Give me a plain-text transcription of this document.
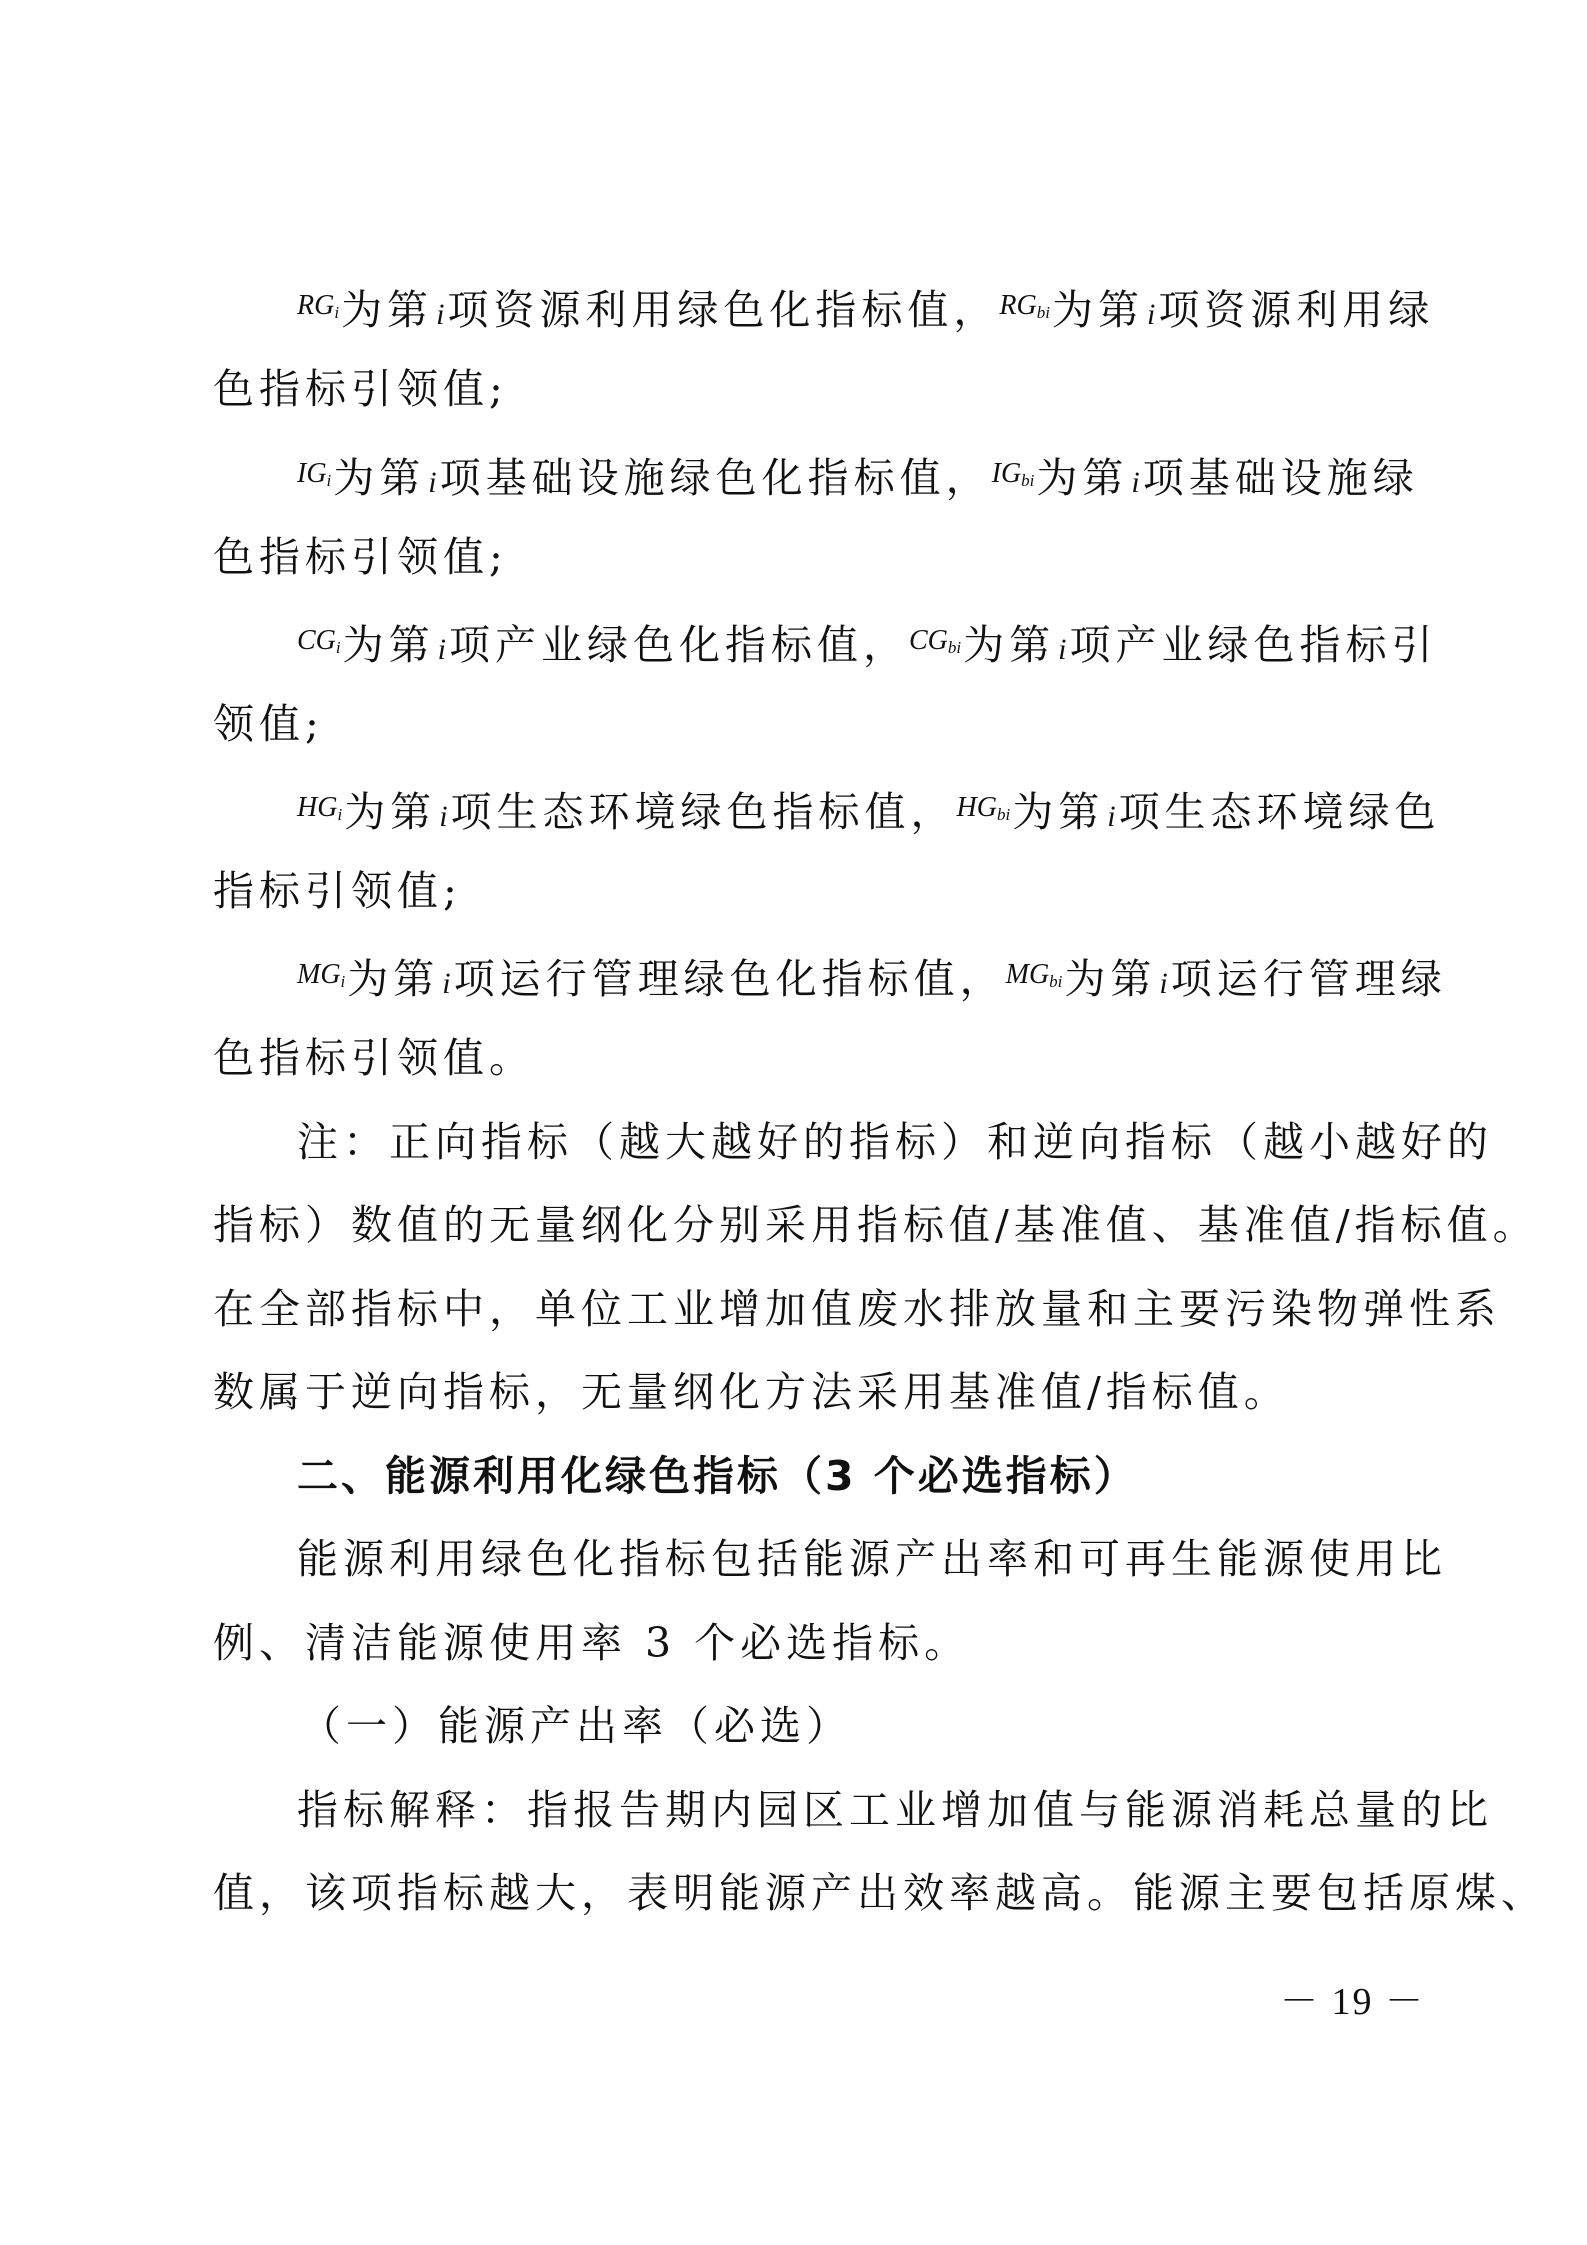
$^{RG_i}$为第 i项资源利用绿色化指标值，$^{RG_{bi}}$为第 i项资源利用绿
色指标引领值;
$^{IG_i}$为第 i项基础设施绿色化指标值，$^{IG_{bi}}$为第 i项基础设施绿
色指标引领值;
$^{CG_i}$为第 i项产业绿色化指标值，$^{CG_{bi}}$为第 i项产业绿色指标引
领值;
$^{HG_i}$为第 i项生态环境绿色指标值，$^{HG_{bi}}$为第 i项生态环境绿色
指标引领值;
$^{MG_i}$为第 i项运行管理绿色化指标值，$^{MG_{bi}}$为第 i项运行管理绿
色指标引领值。
注：正向指标（越大越好的指标）和逆向指标（越小越好的
指标）数值的无量纲化分别采用指标值/基准值、基准值/指标值。
在全部指标中，单位工业增加值废水排放量和主要污染物弹性系
数属于逆向指标，无量纲化方法采用基准值/指标值。
二、能源利用化绿色指标（3 个必选指标）
能源利用绿色化指标包括能源产出率和可再生能源使用比
例、清洁能源使用率 3 个必选指标。
（一）能源产出率（必选）
指标解释：指报告期内园区工业增加值与能源消耗总量的比
值，该项指标越大，表明能源产出效率越高。能源主要包括原煤、
－ 19 －
